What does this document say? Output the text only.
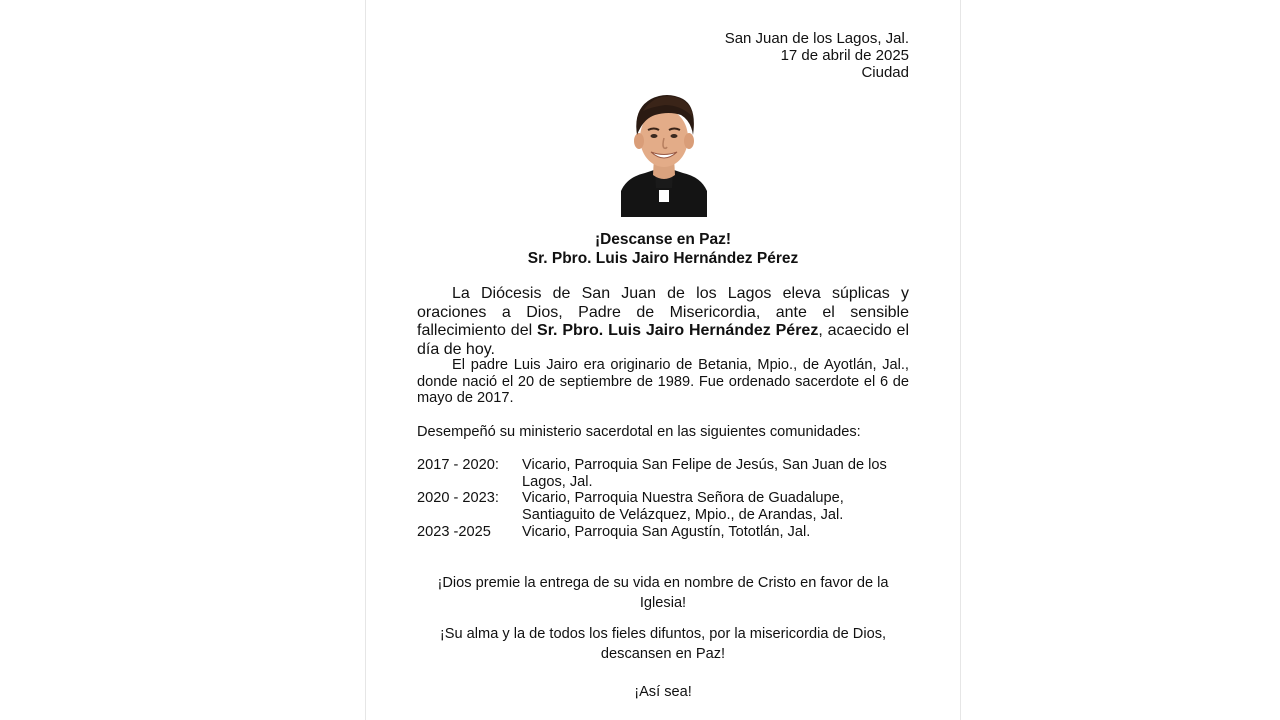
San Juan de los Lagos, Jal.
17 de abril de 2025
Ciudad
¡Descanse en Paz!
Sr. Pbro. Luis Jairo Hernández Pérez
La Diócesis de San Juan de los Lagos eleva súplicas y oraciones a Dios, Padre de Misericordia, ante el sensible fallecimiento del Sr. Pbro. Luis Jairo Hernández Pérez, acaecido el día de hoy.
El padre Luis Jairo era originario de Betania, Mpio., de Ayotlán, Jal., donde nació el 20 de septiembre de 1989. Fue ordenado sacerdote el 6 de mayo de 2017.
Desempeñó su ministerio sacerdotal en las siguientes comunidades:
2017 - 2020:	Vicario, Parroquia San Felipe de Jesús, San Juan de los Lagos, Jal.
2020 - 2023:	Vicario, Parroquia Nuestra Señora de Guadalupe, Santiaguito de Velázquez, Mpio., de Arandas, Jal.
2023 -2025	Vicario, Parroquia San Agustín, Tototlán, Jal.
¡Dios premie la entrega de su vida en nombre de Cristo en favor de la Iglesia!
¡Su alma y la de todos los fieles difuntos, por la misericordia de Dios, descansen en Paz!
¡Así sea!
